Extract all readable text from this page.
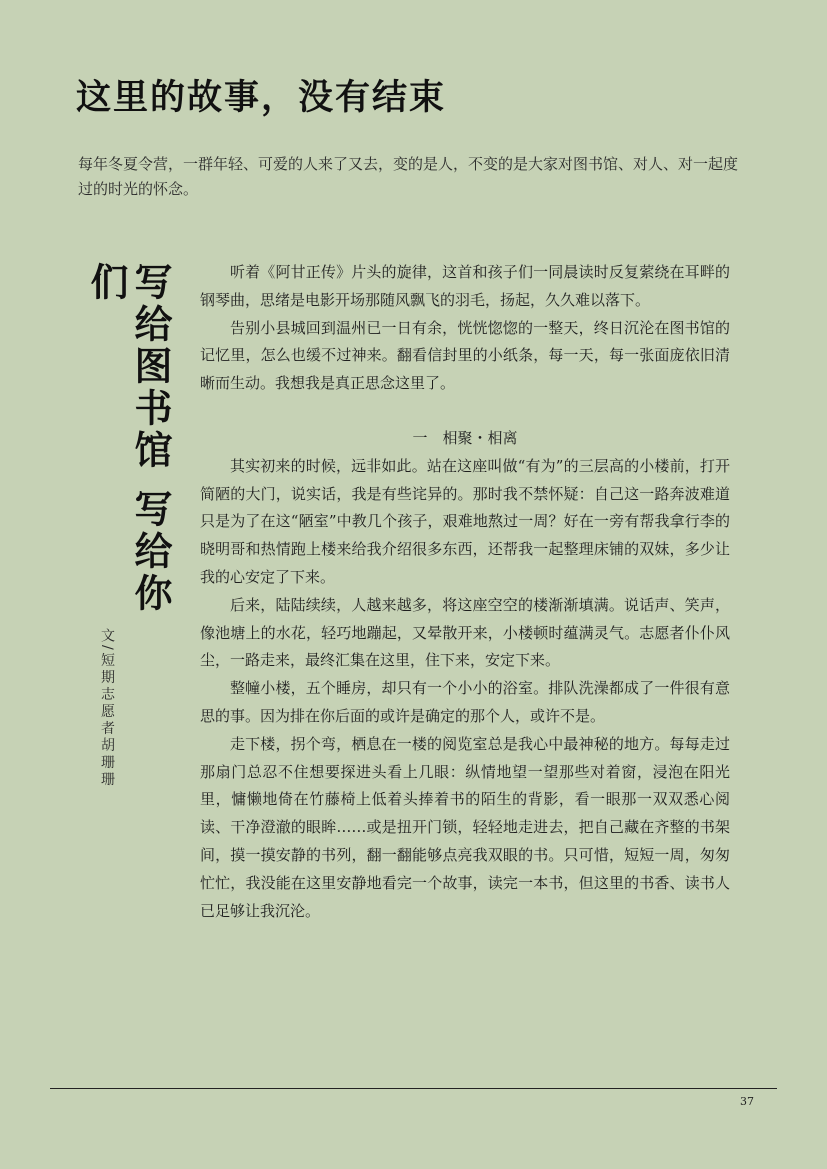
这里的故事，没有结束

每年冬夏令营，一群年轻、可爱的人来了又去，变的是人，不变的是大家对图书馆、对人、对一起度过的时光的怀念。

写给图书馆 写给你们
文/短期志愿者胡珊珊

听着《阿甘正传》片头的旋律，这首和孩子们一同晨读时反复萦绕在耳畔的钢琴曲，思绪是电影开场那随风飘飞的羽毛，扬起，久久难以落下。

告别小县城回到温州已一日有余，恍恍惚惚的一整天，终日沉沦在图书馆的记忆里，怎么也缓不过神来。翻看信封里的小纸条，每一天，每一张面庞依旧清晰而生动。我想我是真正思念这里了。

一　相聚・相离

其实初来的时候，远非如此。站在这座叫做“有为”的三层高的小楼前，打开简陋的大门，说实话，我是有些诧异的。那时我不禁怀疑：自己这一路奔波难道只是为了在这“陋室”中教几个孩子，艰难地熬过一周？好在一旁有帮我拿行李的晓明哥和热情跑上楼来给我介绍很多东西，还帮我一起整理床铺的双妹，多少让我的心安定了下来。

后来，陆陆续续，人越来越多，将这座空空的楼渐渐填满。说话声、笑声，像池塘上的水花，轻巧地蹦起，又晕散开来，小楼顿时蕴满灵气。志愿者仆仆风尘，一路走来，最终汇集在这里，住下来，安定下来。

整幢小楼，五个睡房，却只有一个小小的浴室。排队洗澡都成了一件很有意思的事。因为排在你后面的或许是确定的那个人，或许不是。

走下楼，拐个弯，栖息在一楼的阅览室总是我心中最神秘的地方。每每走过那扇门总忍不住想要探进头看上几眼：纵情地望一望那些对着窗，浸泡在阳光里，慵懒地倚在竹藤椅上低着头捧着书的陌生的背影，看一眼那一双双悉心阅读、干净澄澈的眼眸……或是扭开门锁，轻轻地走进去，把自己藏在齐整的书架间，摸一摸安静的书列，翻一翻能够点亮我双眼的书。只可惜，短短一周，匆匆忙忙，我没能在这里安静地看完一个故事，读完一本书，但这里的书香、读书人已足够让我沉沦。

37
